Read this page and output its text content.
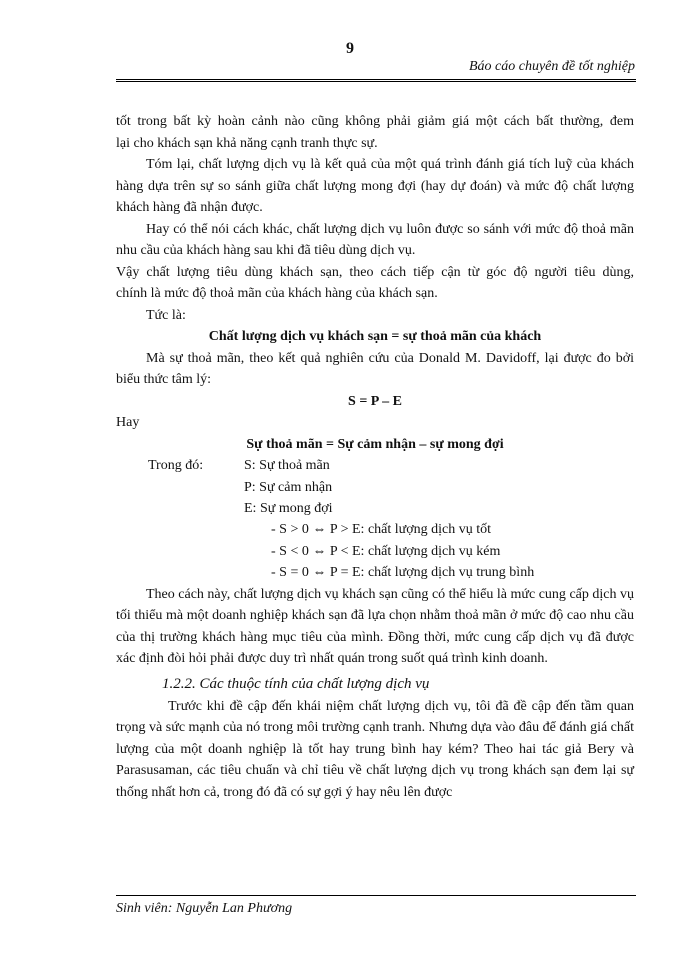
9
Báo cáo chuyên đề tốt nghiệp

tốt trong bất kỳ hoàn cảnh nào cũng không phải giảm giá một cách bất thường, đem

lại cho khách sạn khả năng cạnh tranh thực sự.

Tóm lại, chất lượng dịch vụ là kết quả của một quá trình đánh giá tích luỹ của khách hàng dựa trên sự so sánh giữa chất lượng mong đợi (hay dự đoán) và mức độ chất lượng khách hàng đã nhận được.

Hay có thể nói cách khác, chất lượng dịch vụ luôn được so sánh với mức độ thoả mãn nhu cầu của khách hàng sau khi đã tiêu dùng dịch vụ.

Vậy chất lượng tiêu dùng khách sạn, theo cách tiếp cận từ góc độ người tiêu dùng,

chính là mức độ thoả mãn của khách hàng của khách sạn.

Tức là:

Chất lượng dịch vụ khách sạn = sự thoả mãn của khách

Mà sự thoả mãn, theo kết quả nghiên cứu của Donald M. Davidoff, lại được đo bởi biểu thức tâm lý:

S = P – E

Hay

Sự thoả mãn = Sự cảm nhận – sự mong đợi

Trong đó:	S: Sự thoả mãn
P: Sự cảm nhận
E: Sự mong đợi

- S > 0 ⇔ P > E: chất lượng dịch vụ tốt

- S < 0 ⇔ P < E: chất lượng dịch vụ kém

- S = 0 ⇔ P = E: chất lượng dịch vụ trung bình

Theo cách này, chất lượng dịch vụ khách sạn cũng có thể hiểu là mức cung cấp dịch vụ tối thiểu mà một doanh nghiệp khách sạn đã lựa chọn nhằm thoả mãn ở mức độ cao nhu cầu của thị trường khách hàng mục tiêu của mình. Đồng thời, mức cung cấp dịch vụ đã được xác định đòi hỏi phải được duy trì nhất quán trong suốt quá trình kinh doanh.

1.2.2. Các thuộc tính của chất lượng dịch vụ

Trước khi đề cập đến khái niệm chất lượng dịch vụ, tôi đã đề cập đến tầm quan trọng và sức mạnh của nó trong môi trường cạnh tranh. Nhưng dựa vào đâu để đánh giá chất lượng của một doanh nghiệp là tốt hay trung bình hay kém? Theo hai tác giả Bery và Parasusaman, các tiêu chuẩn và chỉ tiêu về chất lượng dịch vụ trong khách sạn đem lại sự thống nhất hơn cả, trong đó đã có sự gợi ý hay nêu lên được

Sinh viên: Nguyễn Lan Phương
